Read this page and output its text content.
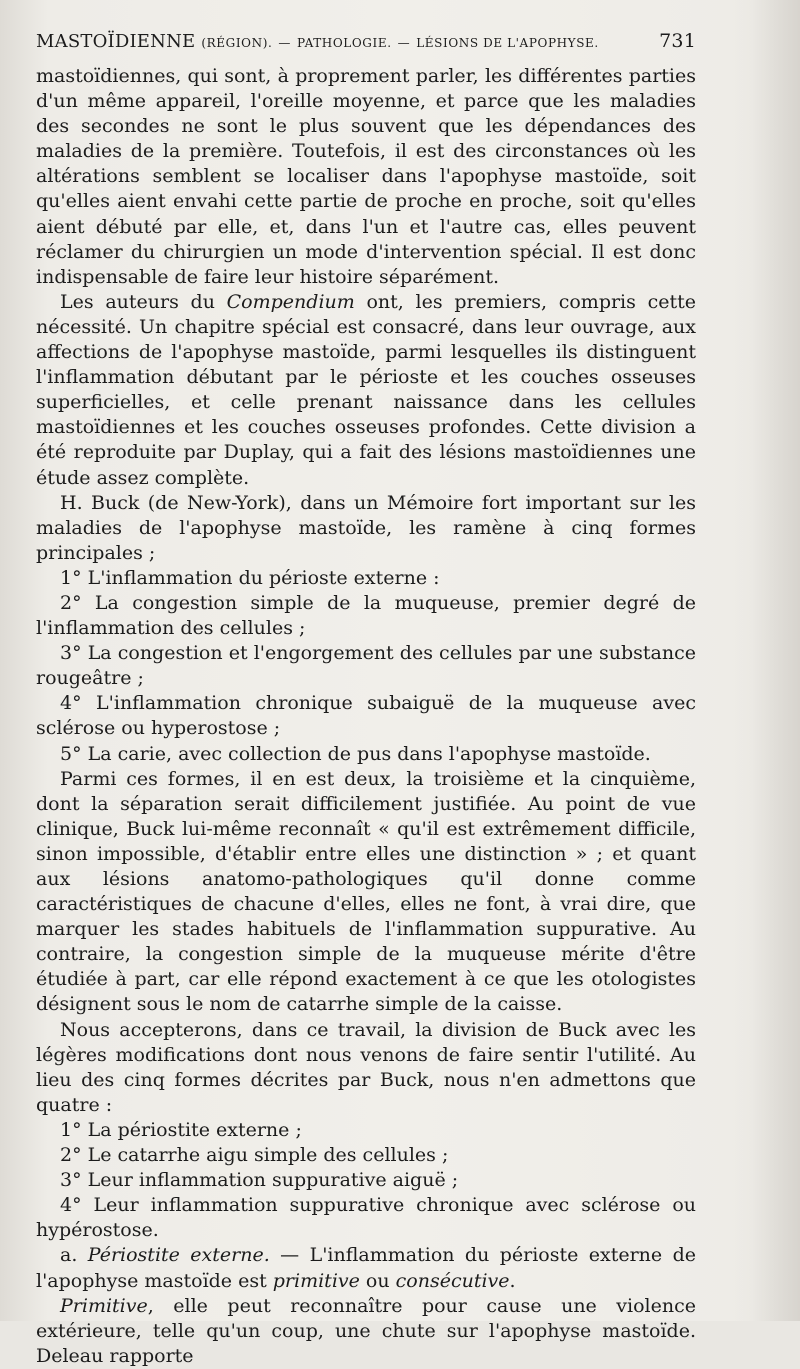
MASTOÏDIENNE (RÉGION). — PATHOLOGIE. — LÉSIONS DE L'APOPHYSE.	731

mastoïdiennes, qui sont, à proprement parler, les différentes parties d'un même appareil, l'oreille moyenne, et parce que les maladies des secondes ne sont le plus souvent que les dépendances des maladies de la première. Toutefois, il est des circonstances où les altérations semblent se localiser dans l'apophyse mastoïde, soit qu'elles aient envahi cette partie de proche en proche, soit qu'elles aient débuté par elle, et, dans l'un et l'autre cas, elles peuvent réclamer du chirurgien un mode d'intervention spécial. Il est donc indispensable de faire leur histoire séparément.

Les auteurs du Compendium ont, les premiers, compris cette nécessité. Un chapitre spécial est consacré, dans leur ouvrage, aux affections de l'apophyse mastoïde, parmi lesquelles ils distinguent l'inflammation débutant par le périoste et les couches osseuses superficielles, et celle prenant naissance dans les cellules mastoïdiennes et les couches osseuses profondes. Cette division a été reproduite par Duplay, qui a fait des lésions mastoïdiennes une étude assez complète.

H. Buck (de New-York), dans un Mémoire fort important sur les maladies de l'apophyse mastoïde, les ramène à cinq formes principales ;

1° L'inflammation du périoste externe :

2° La congestion simple de la muqueuse, premier degré de l'inflammation des cellules ;

3° La congestion et l'engorgement des cellules par une substance rougeâtre ;

4° L'inflammation chronique subaiguë de la muqueuse avec sclérose ou hyperostose ;

5° La carie, avec collection de pus dans l'apophyse mastoïde.

Parmi ces formes, il en est deux, la troisième et la cinquième, dont la séparation serait difficilement justifiée. Au point de vue clinique, Buck lui-même reconnaît « qu'il est extrêmement difficile, sinon impossible, d'établir entre elles une distinction » ; et quant aux lésions anatomo-pathologiques qu'il donne comme caractéristiques de chacune d'elles, elles ne font, à vrai dire, que marquer les stades habituels de l'inflammation suppurative. Au contraire, la congestion simple de la muqueuse mérite d'être étudiée à part, car elle répond exactement à ce que les otologistes désignent sous le nom de catarrhe simple de la caisse.

Nous accepterons, dans ce travail, la division de Buck avec les légères modifications dont nous venons de faire sentir l'utilité. Au lieu des cinq formes décrites par Buck, nous n'en admettons que quatre :

1° La périostite externe ;

2° Le catarrhe aigu simple des cellules ;

3° Leur inflammation suppurative aiguë ;

4° Leur inflammation suppurative chronique avec sclérose ou hypérostose.

a. Périostite externe. — L'inflammation du périoste externe de l'apophyse mastoïde est primitive ou consécutive.

Primitive, elle peut reconnaître pour cause une violence extérieure, telle qu'un coup, une chute sur l'apophyse mastoïde. Deleau rapporte
